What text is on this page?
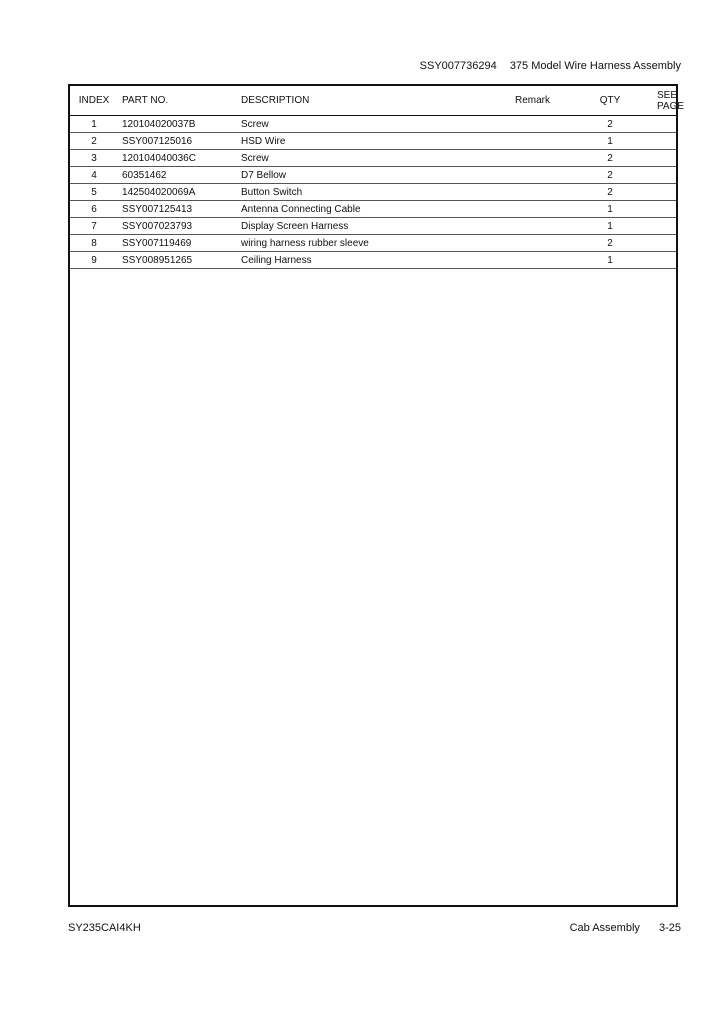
SSY007736294 375 Model Wire Harness Assembly
INDEX	PART NO.	DESCRIPTION	Remark	QTY	SEE
PAGE
1	120104020037B	Screw		2	
2	SSY007125016	HSD Wire		1	
3	120104040036C	Screw		2	
4	60351462	D7 Bellow		2	
5	142504020069A	Button Switch		2	
6	SSY007125413	Antenna Connecting Cable		1	
7	SSY007023793	Display Screen Harness		1	
8	SSY007119469	wiring harness rubber sleeve		2	
9	SSY008951265	Ceiling Harness		1	
SY235CAI4KH	Cab Assembly 3-25
